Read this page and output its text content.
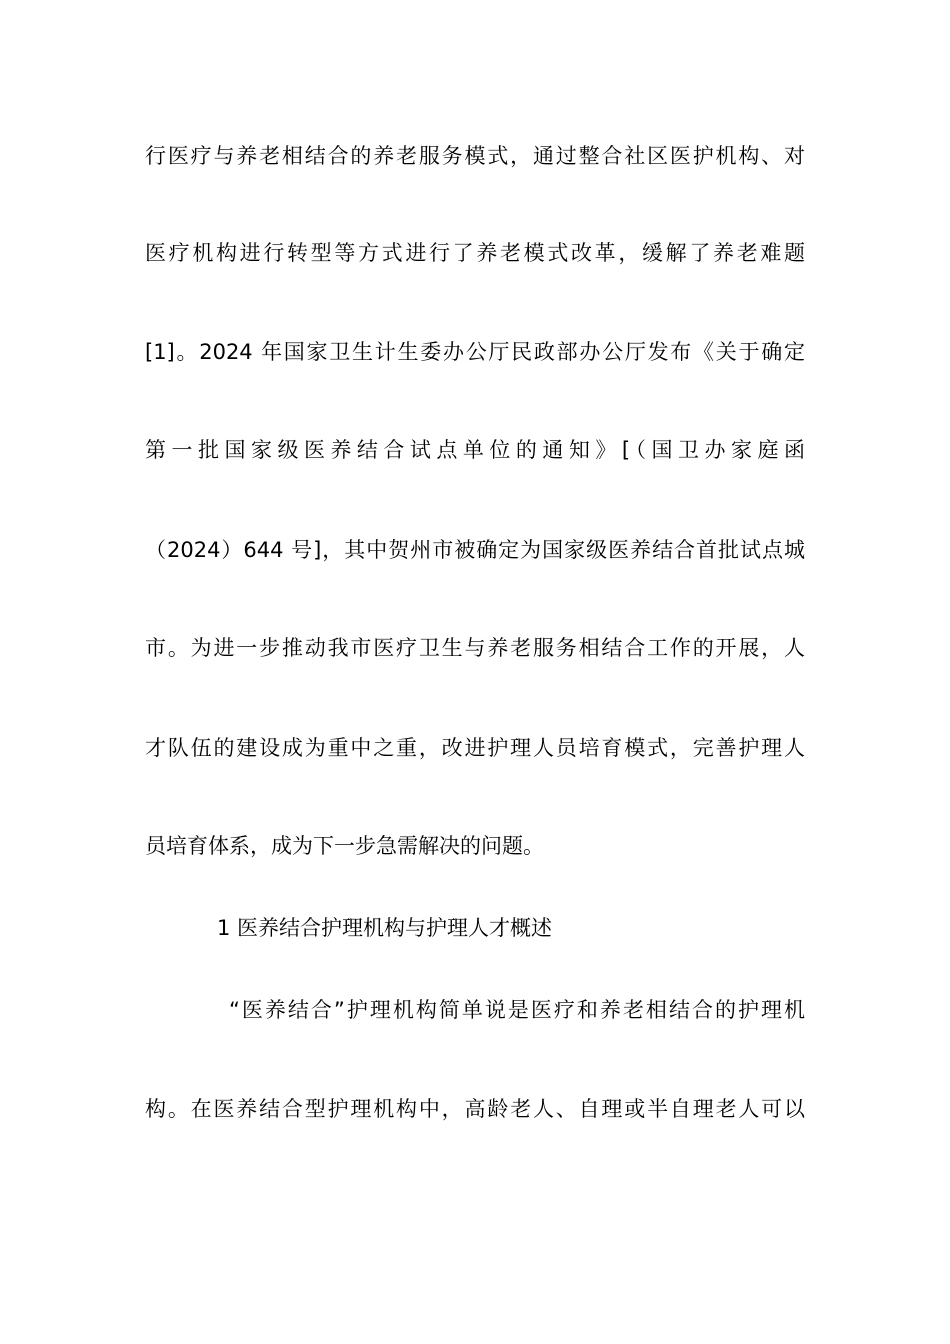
行医疗与养老相结合的养老服务模式，通过整合社区医护机构、对
医疗机构进行转型等方式进行了养老模式改革，缓解了养老难题
[1]。2024 年国家卫生计生委办公厅民政部办公厅发布《关于确定
第一批国家级医养结合试点单位的通知》[（国卫办家庭函
（2024）644 号]，其中贺州市被确定为国家级医养结合首批试点城
市。为进一步推动我市医疗卫生与养老服务相结合工作的开展，人
才队伍的建设成为重中之重，改进护理人员培育模式，完善护理人
员培育体系，成为下一步急需解决的问题。
1 医养结合护理机构与护理人才概述
“医养结合”护理机构简单说是医疗和养老相结合的护理机
构。在医养结合型护理机构中，高龄老人、自理或半自理老人可以
